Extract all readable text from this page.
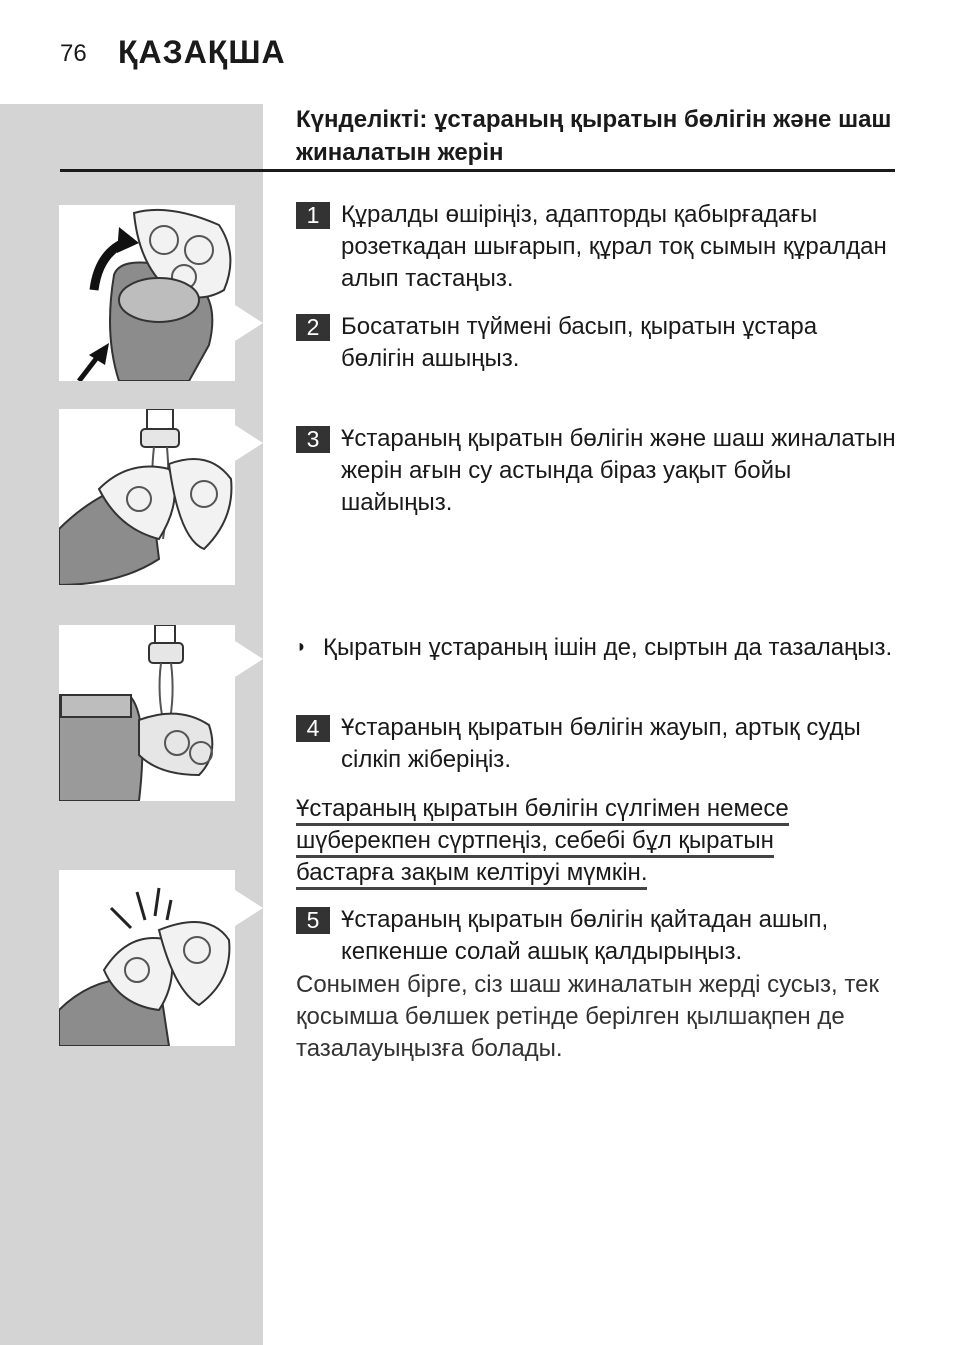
76 ҚАЗАҚША
Күнделікті: ұстараның қыратын бөлігін және шаш жиналатын жерін
1 Құралды өшіріңіз, адапторды қабырғадағы розеткадан шығарып, құрал тоқ сымын құралдан алып тастаңыз.
2 Босататын түймені басып, қыратын ұстара бөлігін ашыңыз.
3 Ұстараның қыратын бөлігін және шаш жиналатын жерін ағын су астында біраз уақыт бойы шайыңыз.
◗ Қыратын ұстараның ішін де, сыртын да тазалаңыз.
4 Ұстараның қыратын бөлігін жауып, артық суды сілкіп жіберіңіз.
Ұстараның қыратын бөлігін сүлгімен немесе
шүберекпен сүртпеңіз, себебі бұл қыратын
бастарға зақым келтіруі мүмкін.
5 Ұстараның қыратын бөлігін қайтадан ашып, кепкенше солай ашық қалдырыңыз.
Сонымен бірге, сіз шаш жиналатын жерді сусыз, тек қосымша бөлшек ретінде берілген қылшақпен де тазалауыңызға болады.
